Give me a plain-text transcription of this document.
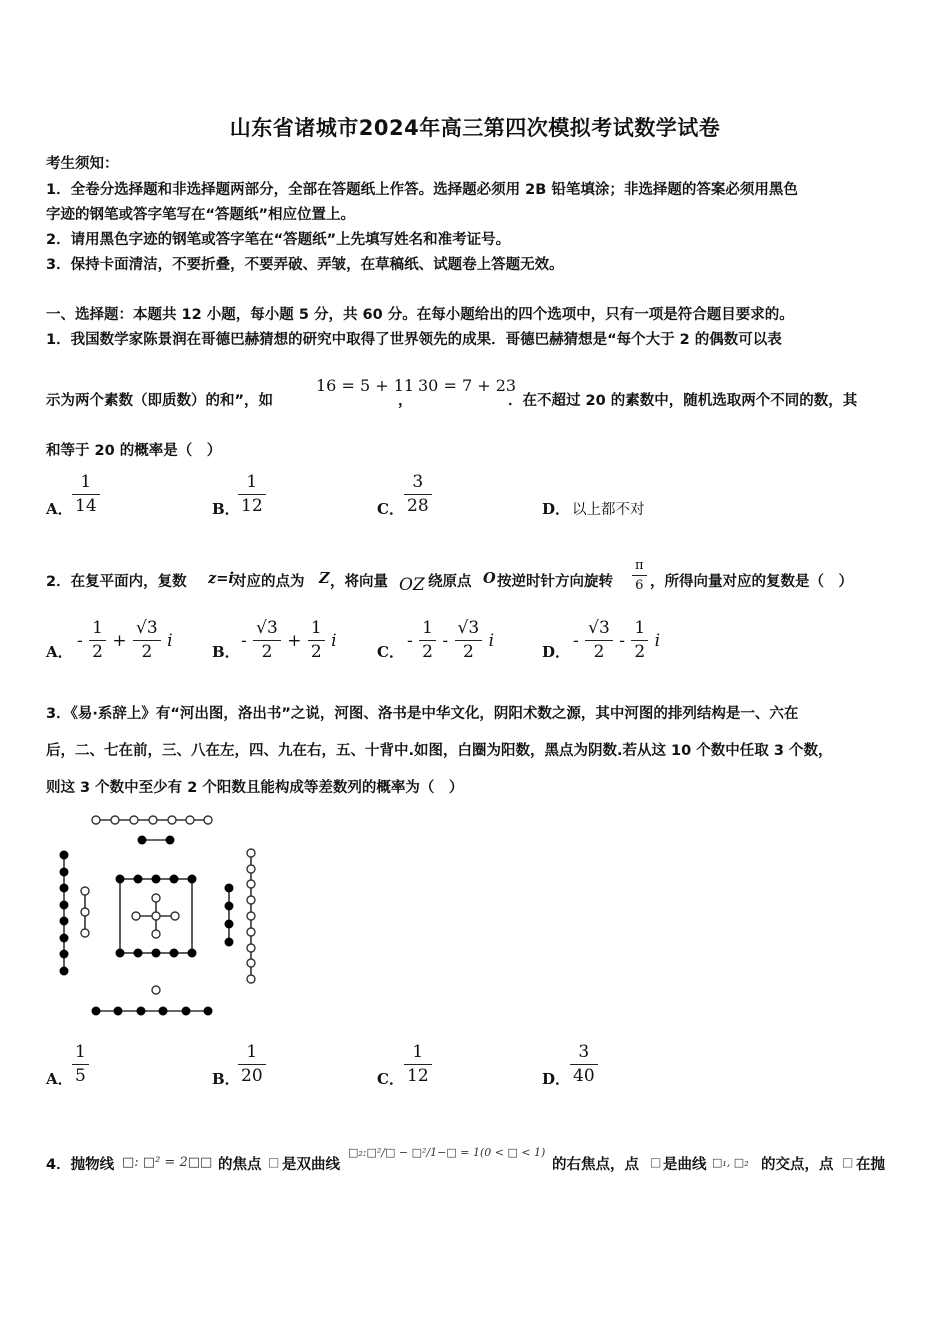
山东省诸城市2024年高三第四次模拟考试数学试卷
考生须知：
1．全卷分选择题和非选择题两部分，全部在答题纸上作答。选择题必须用 2B 铅笔填涂；非选择题的答案必须用黑色
字迹的钢笔或答字笔写在“答题纸”相应位置上。
2．请用黑色字迹的钢笔或答字笔在“答题纸”上先填写姓名和准考证号。
3．保持卡面清洁，不要折叠，不要弄破、弄皱，在草稿纸、试题卷上答题无效。
一、选择题：本题共 12 小题，每小题 5 分，共 60 分。在每小题给出的四个选项中，只有一项是符合题目要求的。
1．我国数学家陈景润在哥德巴赫猜想的研究中取得了世界领先的成果．哥德巴赫猜想是“每个大于 2 的偶数可以表
示为两个素数（即质数）的和”，如
16 = 5 + 11
，
30 = 7 + 23
．在不超过 20 的素数中，随机选取两个不同的数，其
和等于 20 的概率是（　）
A．
1
14	B．
1
12	C．
3
28	D． 以上都不对
2．在复平面内，复数 z=i
对应的点为 Z ，将向量 OZ 绕原点 O 按逆时针方向旋转
π
6 ，所得向量对应的复数是（　）
A．
- $\frac{1}{2} + \frac{√3}{2}$ i
B．
- $\frac{√3}{2} + \frac{1}{2}$ i
C．
- $\frac{1}{2} - \frac{√3}{2}$ i
D．
- $\frac{√3}{2} - \frac{1}{2}$ i
3．《易·系辞上》有“河出图，洛出书”之说，河图、洛书是中华文化，阴阳术数之源，其中河图的排列结构是一、六在
后，二、七在前，三、八在左，四、九在右，五、十背中.如图，白圈为阳数，黑点为阴数.若从这 10 个数中任取 3 个数，
则这 3 个数中至少有 2 个阳数且能构成等差数列的概率为（　）
A．
1
5	B．
1
20	C．
1
12	D．
3
40
4．抛物线 □: □² = 2□□ 的焦点 □ 是双曲线
□₂:□²/□ − □²/1−□ = 1(0 < □ < 1)
的右焦点，点 □ 是曲线 □₁, □₂ 的交点，点 □ 在抛
